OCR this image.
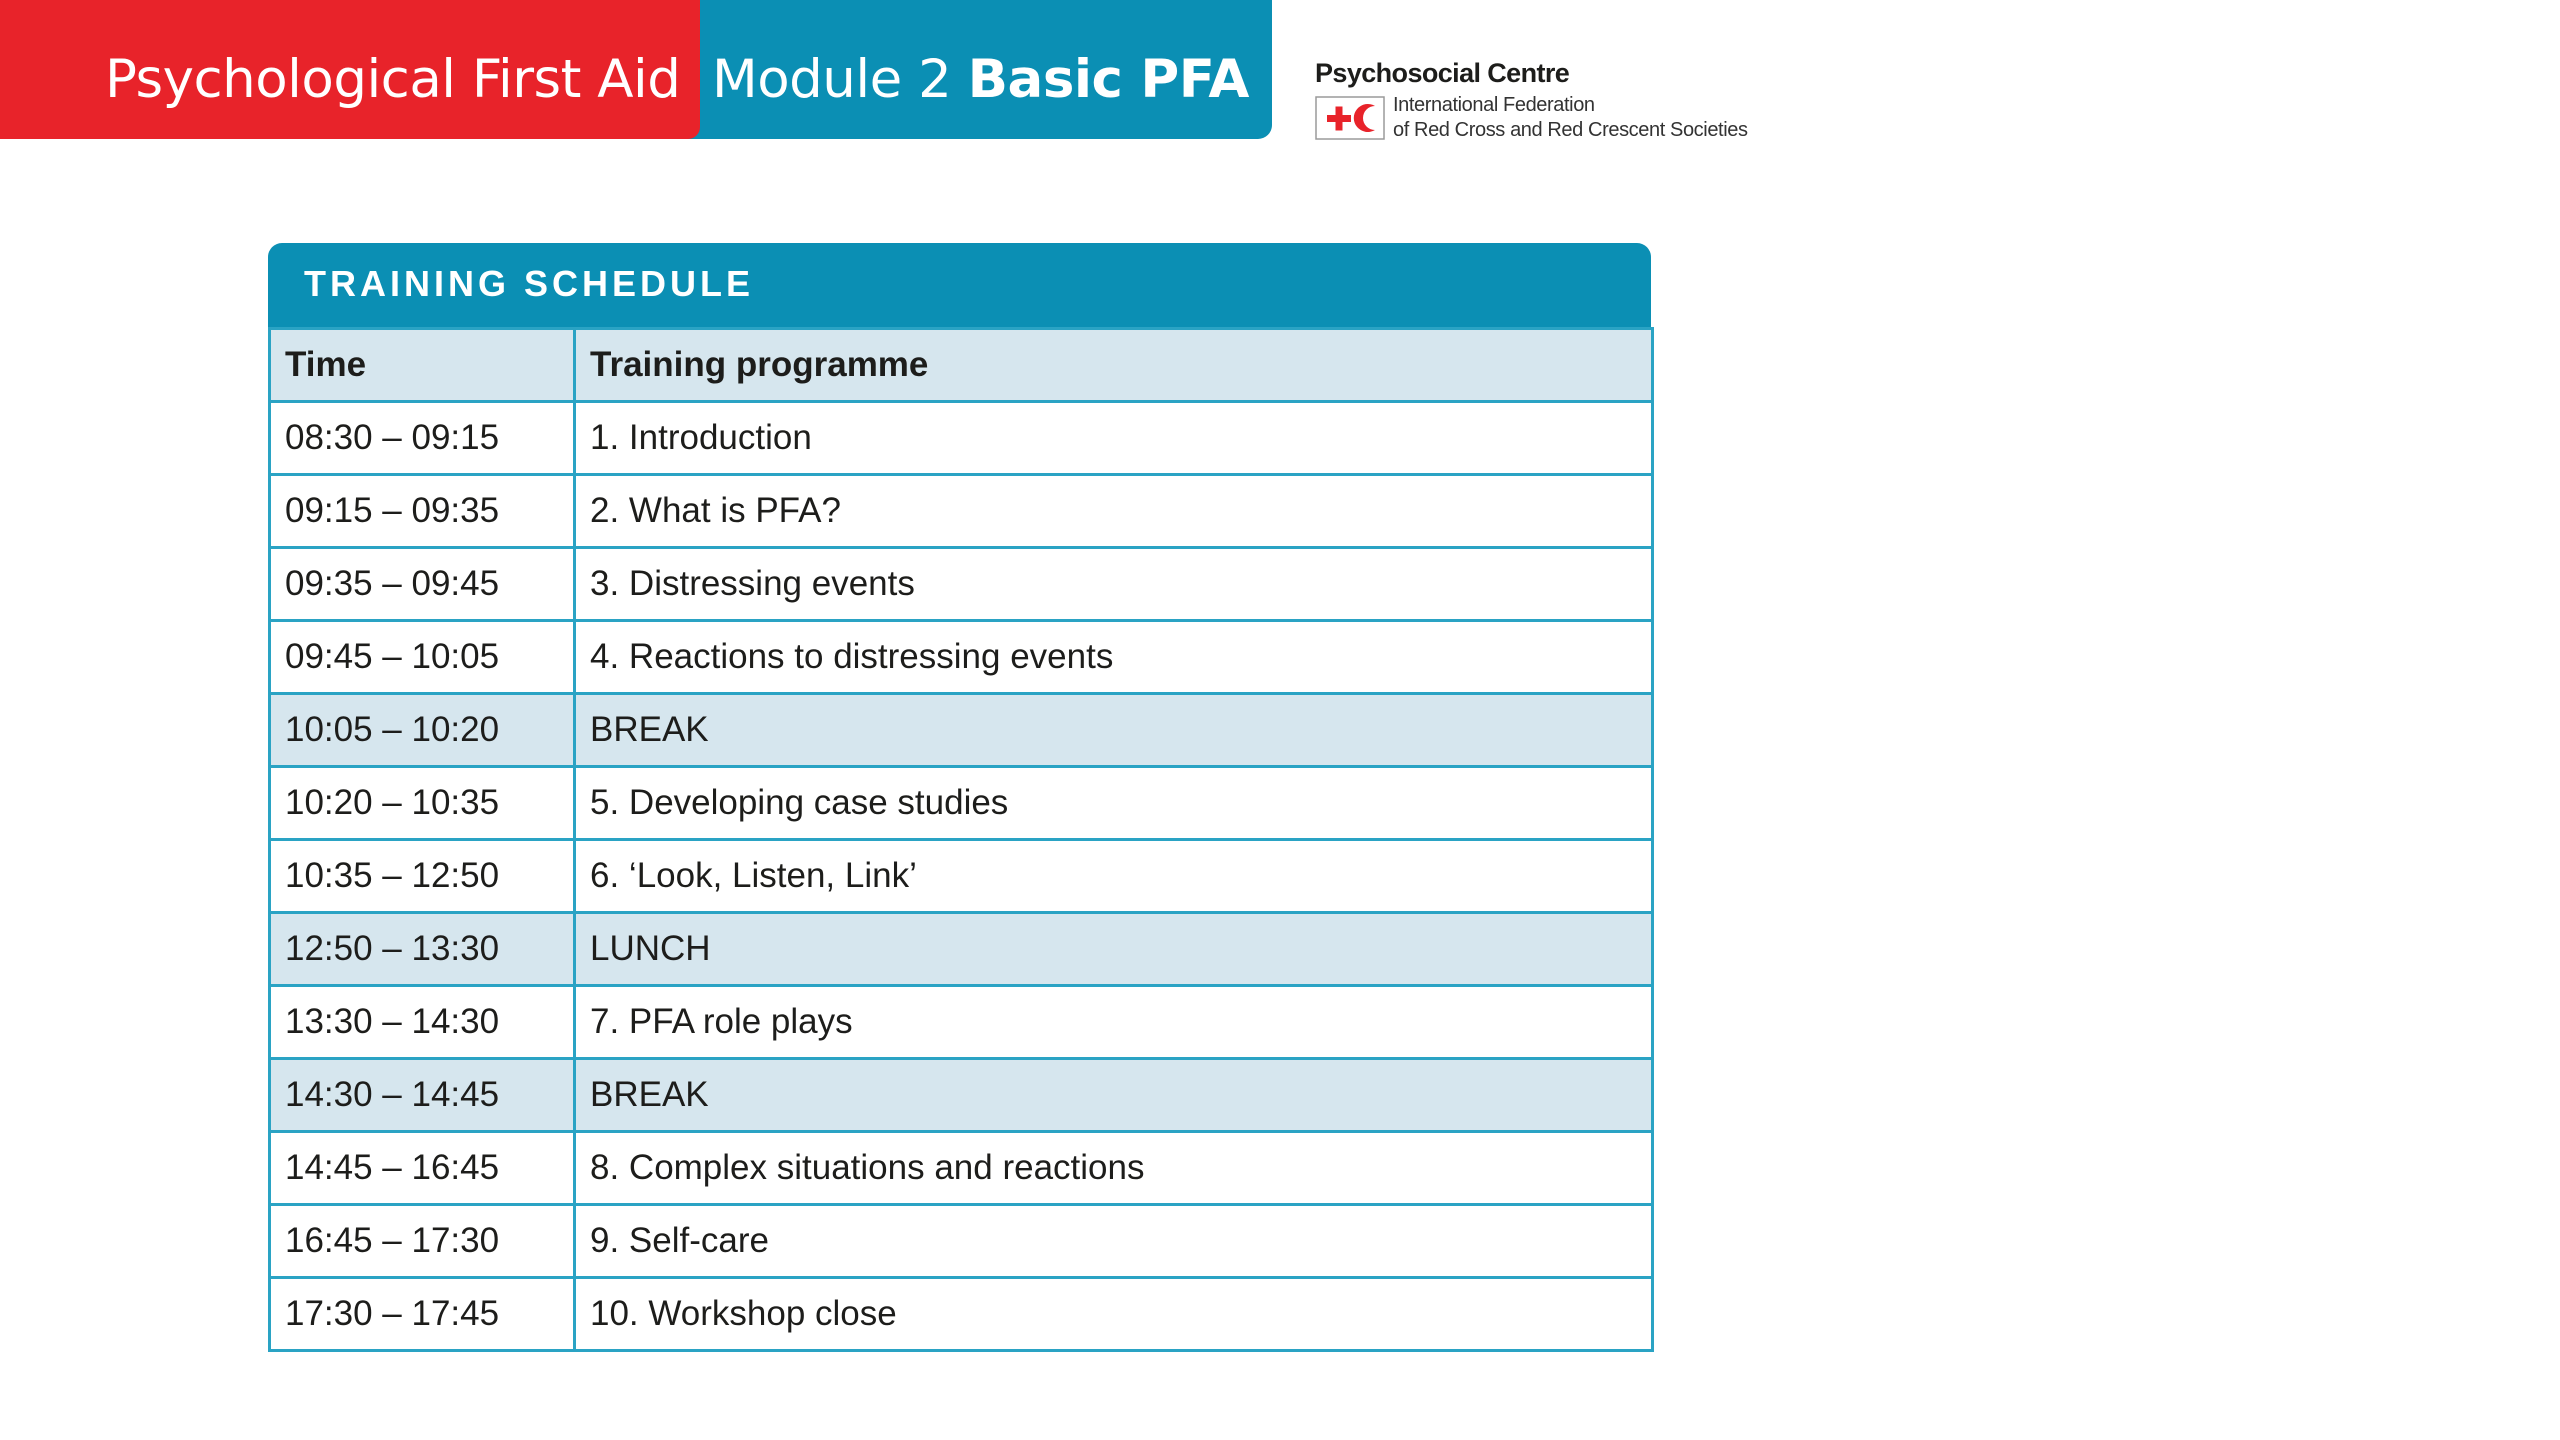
Psychological First Aid Module 2 Basic PFA Psychosocial Centre
International Federation
of Red Cross and Red Crescent Societies
TRAINING SCHEDULE
Time	Training programme
08:30 – 09:15	1. Introduction
09:15 – 09:35	2. What is PFA?
09:35 – 09:45	3. Distressing events
09:45 – 10:05	4. Reactions to distressing events
10:05 – 10:20	BREAK
10:20 – 10:35	5. Developing case studies
10:35 – 12:50	6. ‘Look, Listen, Link’
12:50 – 13:30	LUNCH
13:30 – 14:30	7. PFA role plays
14:30 – 14:45	BREAK
14:45 – 16:45	8. Complex situations and reactions
16:45 – 17:30	9. Self-care
17:30 – 17:45	10. Workshop close
